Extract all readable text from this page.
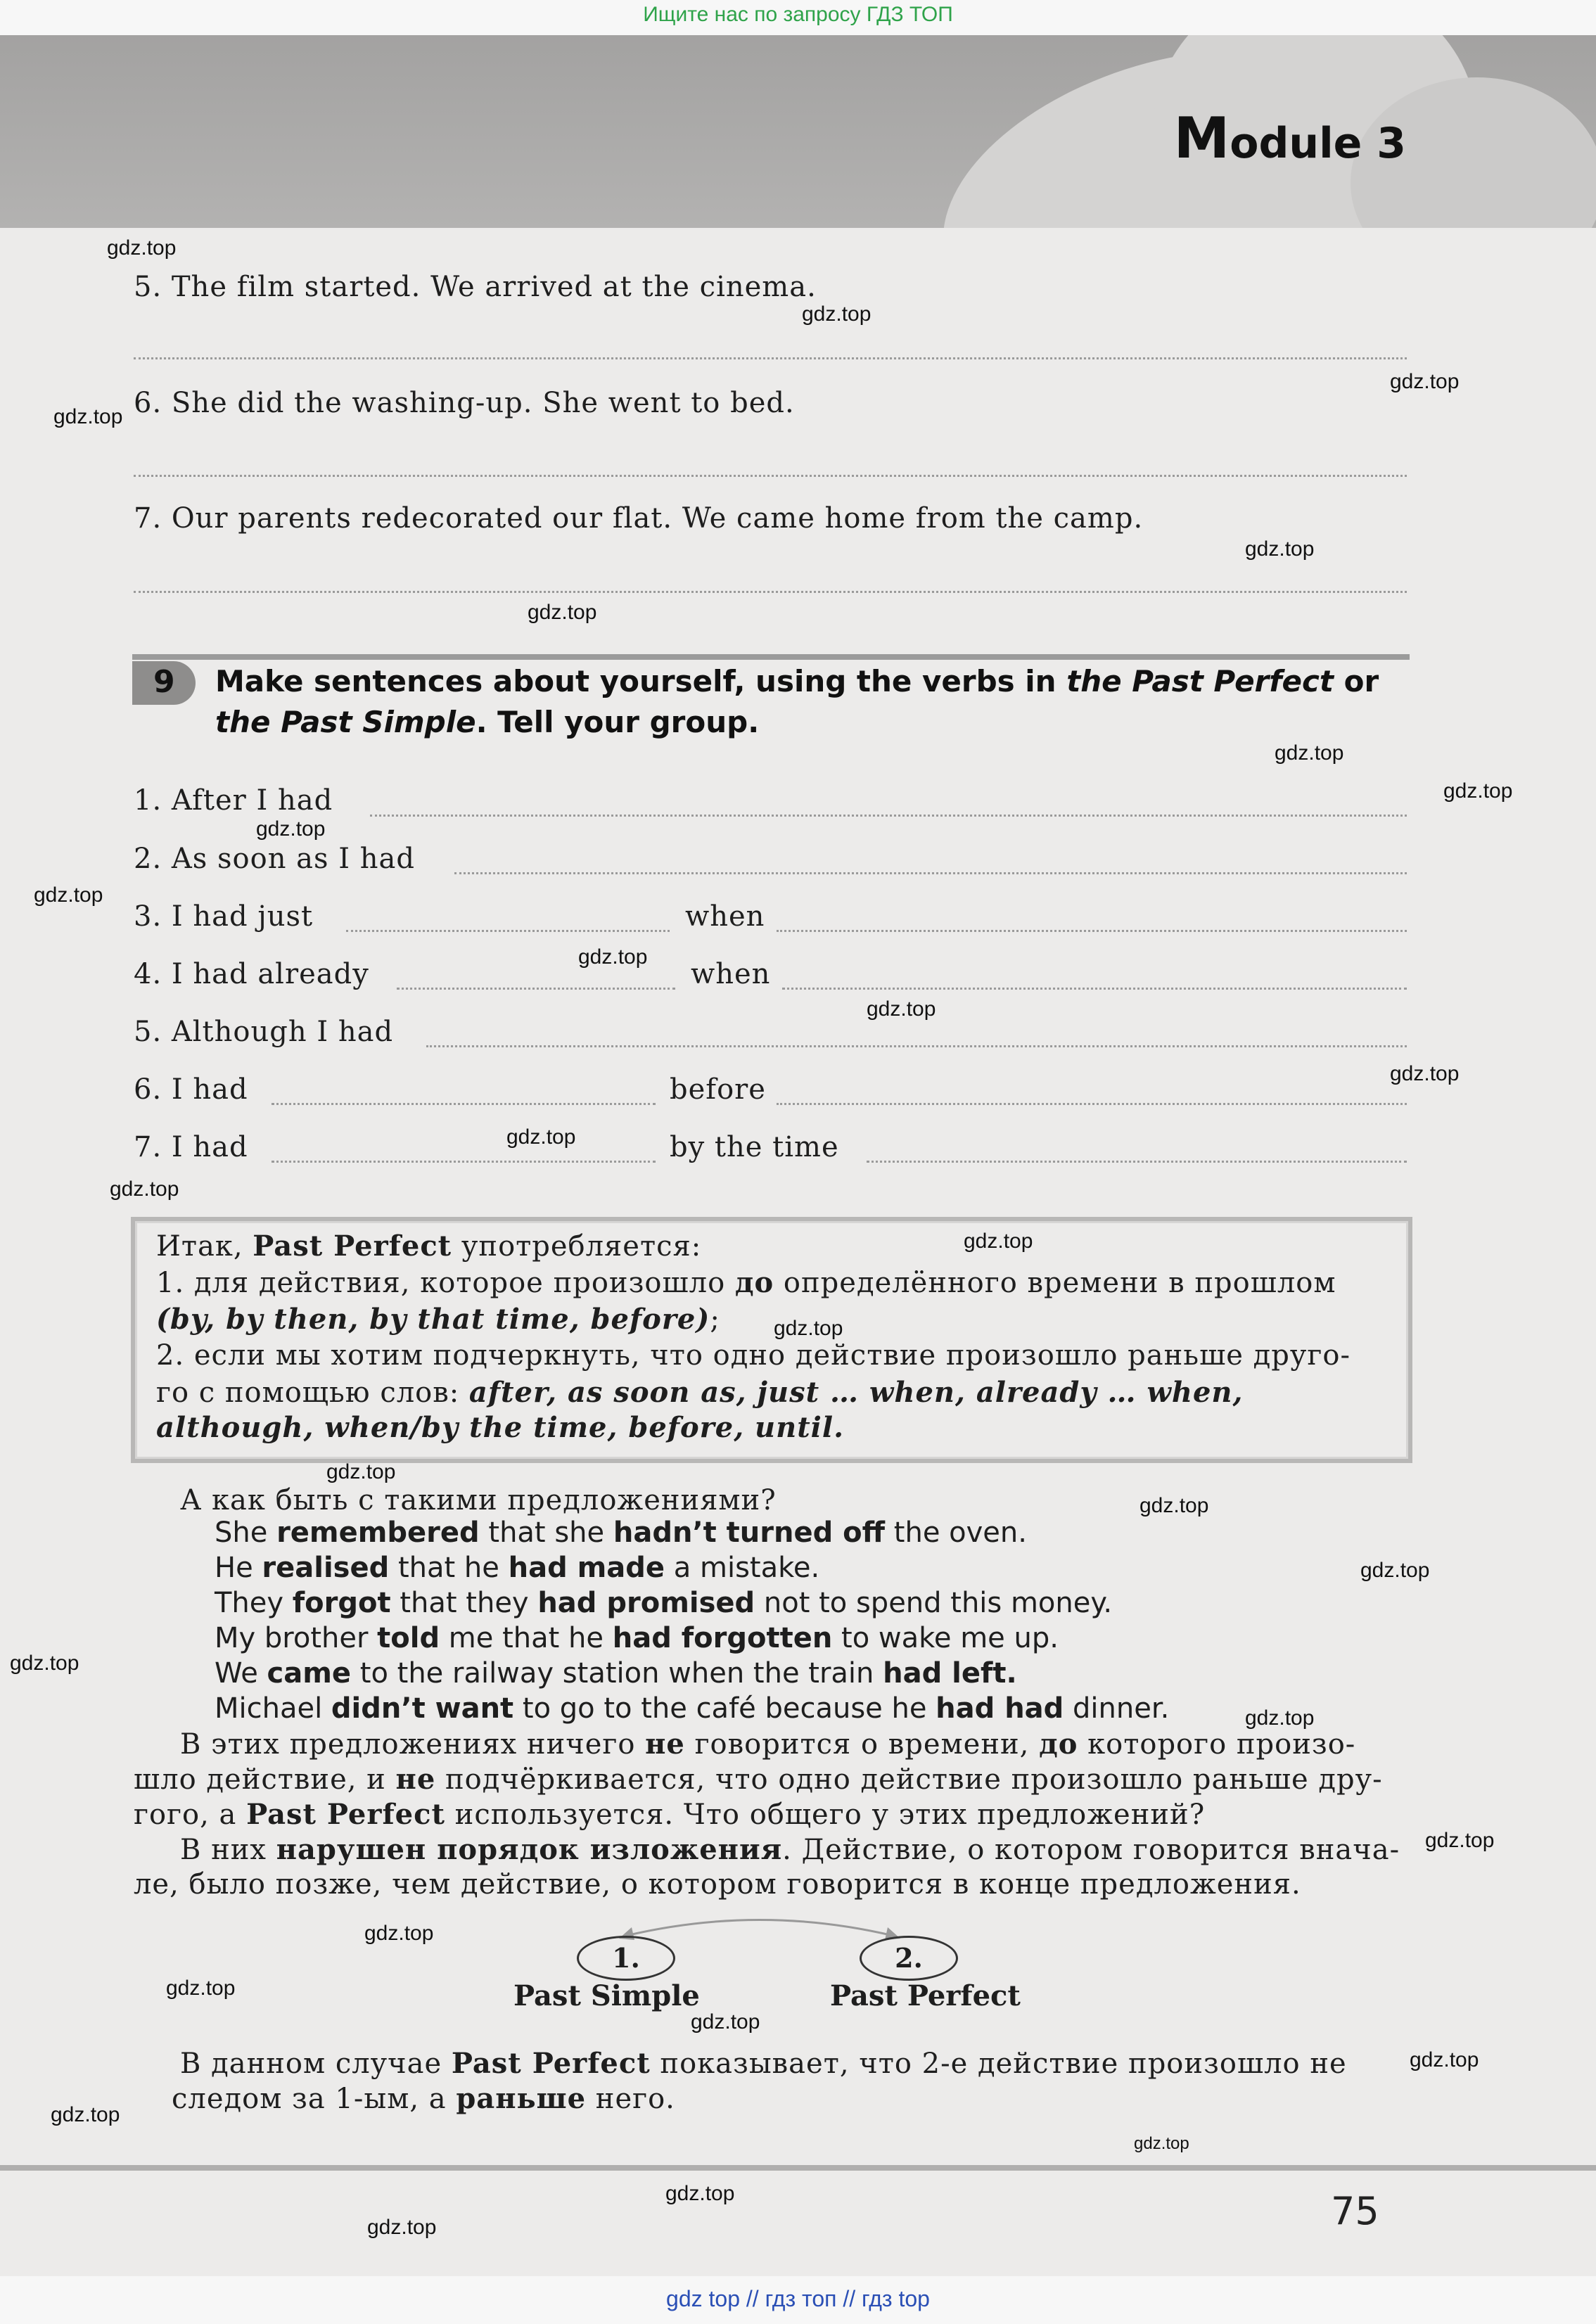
Ищите нас по запросу ГДЗ ТОП
Module 3
5. The film started. We arrived at the cinema.
6. She did the washing-up. She went to bed.
7. Our parents redecorated our flat. We came home from the camp.
9 Make sentences about yourself, using the verbs in the Past Perfect or the Past Simple. Tell your group.
1. After I had
2. As soon as I had
3. I had just	when
4. I had already	when
5. Although I had
6. I had	before
7. I had	by the time
Итак, Past Perfect употребляется:
1. для действия, которое произошло до определённого времени в прошлом
(by, by then, by that time, before);
2. если мы хотим подчеркнуть, что одно действие произошло раньше друго-
го с помощью слов: after, as soon as, just … when, already … when,
although, when/by the time, before, until.
А как быть с такими предложениями?
She remembered that she hadn’t turned off the oven.
He realised that he had made a mistake.
They forgot that they had promised not to spend this money.
My brother told me that he had forgotten to wake me up.
We came to the railway station when the train had left.
Michael didn’t want to go to the café because he had had dinner.
В этих предложениях ничего не говорится о времени, до которого произо-
шло действие, и не подчёркивается, что одно действие произошло раньше дру-
гого, а Past Perfect используется. Что общего у этих предложений?
В них нарушен порядок изложения. Действие, о котором говорится внача-
ле, было позже, чем действие, о котором говорится в конце предложения.
1.	2.
Past Simple	Past Perfect
В данном случае Past Perfect показывает, что 2-е действие произошло не
следом за 1-ым, а раньше него.
75
gdz.top
gdz.top
gdz.top
gdz.top
gdz.top
gdz.top
gdz.top
gdz.top
gdz.top
gdz.top
gdz.top
gdz.top
gdz.top
gdz.top
gdz.top
gdz.top
gdz.top
gdz.top
gdz.top
gdz.top
gdz.top
gdz.top
gdz.top
gdz.top
gdz.top
gdz.top
gdz.top
gdz.top
gdz.top
gdz.top
gdz.top
gdz top // гдз топ // гдз top
